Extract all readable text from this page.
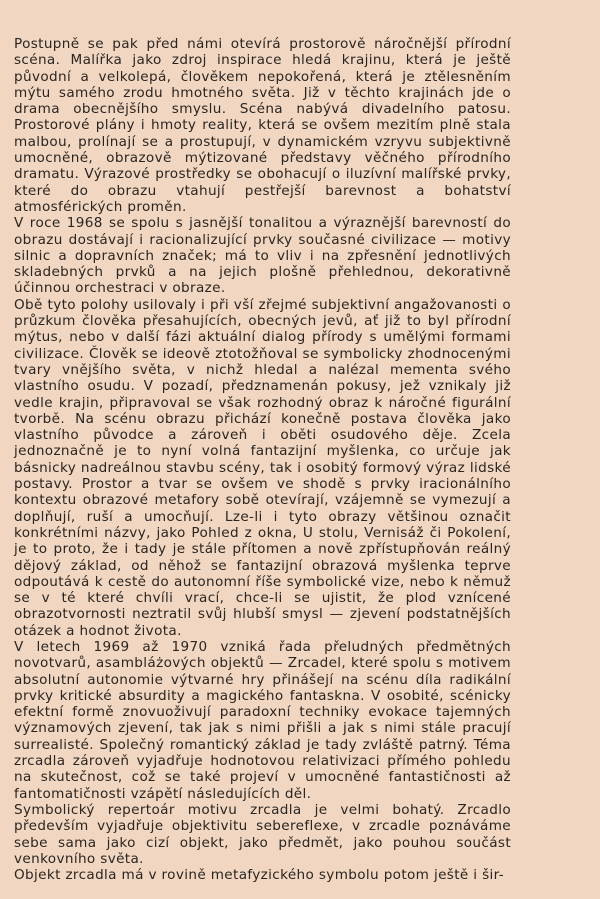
Postupně se pak před námi otevírá prostorově náročnější přírodní scéna. Malířka jako zdroj inspirace hledá krajinu, která je ještě původní a velkolepá, člověkem nepokořená, která je ztělesněním mýtu samého zrodu hmotného světa. Již v těchto krajinách jde o drama obecnějšího smyslu. Scéna nabývá divadelního patosu. Prostorové plány i hmoty reality, která se ovšem mezitím plně stala malbou, prolínají se a prostupují, v dynamickém vzryvu subjektivně umocněné, obrazově mýtizované představy věčného přírodního dramatu. Výrazové prostředky se obohacují o iluzívní malířské prvky, které do obrazu vtahují pestřejší barevnost a bohatství atmosférických proměn.

V roce 1968 se spolu s jasnější tonalitou a výraznější barevností do obrazu dostávají i racionalizující prvky současné civilizace — motivy silnic a dopravních značek; má to vliv i na zpřesnění jednotlivých skladebných prvků a na jejich plošně přehlednou, dekorativně účinnou orchestraci v obraze.

Obě tyto polohy usilovaly i při vší zřejmé subjektivní angažovanosti o průzkum člověka přesahujících, obecných jevů, ať již to byl přírodní mýtus, nebo v další fázi aktuální dialog přírody s umělými formami civilizace. Člověk se ideově ztotožňoval se symbolicky zhodnocenými tvary vnějšího světa, v nichž hledal a nalézal mementa svého vlastního osudu. V pozadí, předznamenán pokusy, jež vznikaly již vedle krajin, připravoval se však rozhodný obraz k náročné figurální tvorbě. Na scénu obrazu přichází konečně postava člověka jako vlastního původce a zároveň i oběti osudového děje. Zcela jednoznačně je to nyní volná fantazijní myšlenka, co určuje jak básnicky nadreálnou stavbu scény, tak i osobitý formový výraz lidské postavy. Prostor a tvar se ovšem ve shodě s prvky iracionálního kontextu obrazové metafory sobě otevírají, vzájemně se vymezují a doplňují, ruší a umocňují. Lze-li i tyto obrazy většinou označit konkrétními názvy, jako Pohled z okna, U stolu, Vernisáž či Pokolení, je to proto, že i tady je stále přítomen a nově zpřístupňován reálný dějový základ, od něhož se fantazijní obrazová myšlenka teprve odpoutává k cestě do autonomní říše symbolické vize, nebo k němuž se v té které chvíli vrací, chce-li se ujistit, že plod vznícené obrazotvornosti neztratil svůj hlubší smysl — zjevení podstatnějších otázek a hodnot života.

V letech 1969 až 1970 vzniká řada přeludných předmětných novotvarů, asambláżových objektů — Zrcadel, které spolu s motivem absolutní autonomie výtvarné hry přinášejí na scénu díla radikální prvky kritické absurdity a magického fantaskna. V osobité, scénicky efektní formě znovuoživují paradoxní techniky evokace tajemných významových zjevení, tak jak s nimi přišli a jak s nimi stále pracují surrealisté. Společný romantický základ je tady zvláště patrný. Téma zrcadla zároveň vyjadřuje hodnotovou relativizaci přímého pohledu na skutečnost, což se také projeví v umocněné fantastičnosti až fantomatičnosti vzápětí následujících děl.

Symbolický repertoár motivu zrcadla je velmi bohatý. Zrcadlo především vyjadřuje objektivitu sebereflexe, v zrcadle poznáváme sebe sama jako cizí objekt, jako předmět, jako pouhou součást venkovního světa.

Objekt zrcadla má v rovině metafyzického symbolu potom ještě i šir-
